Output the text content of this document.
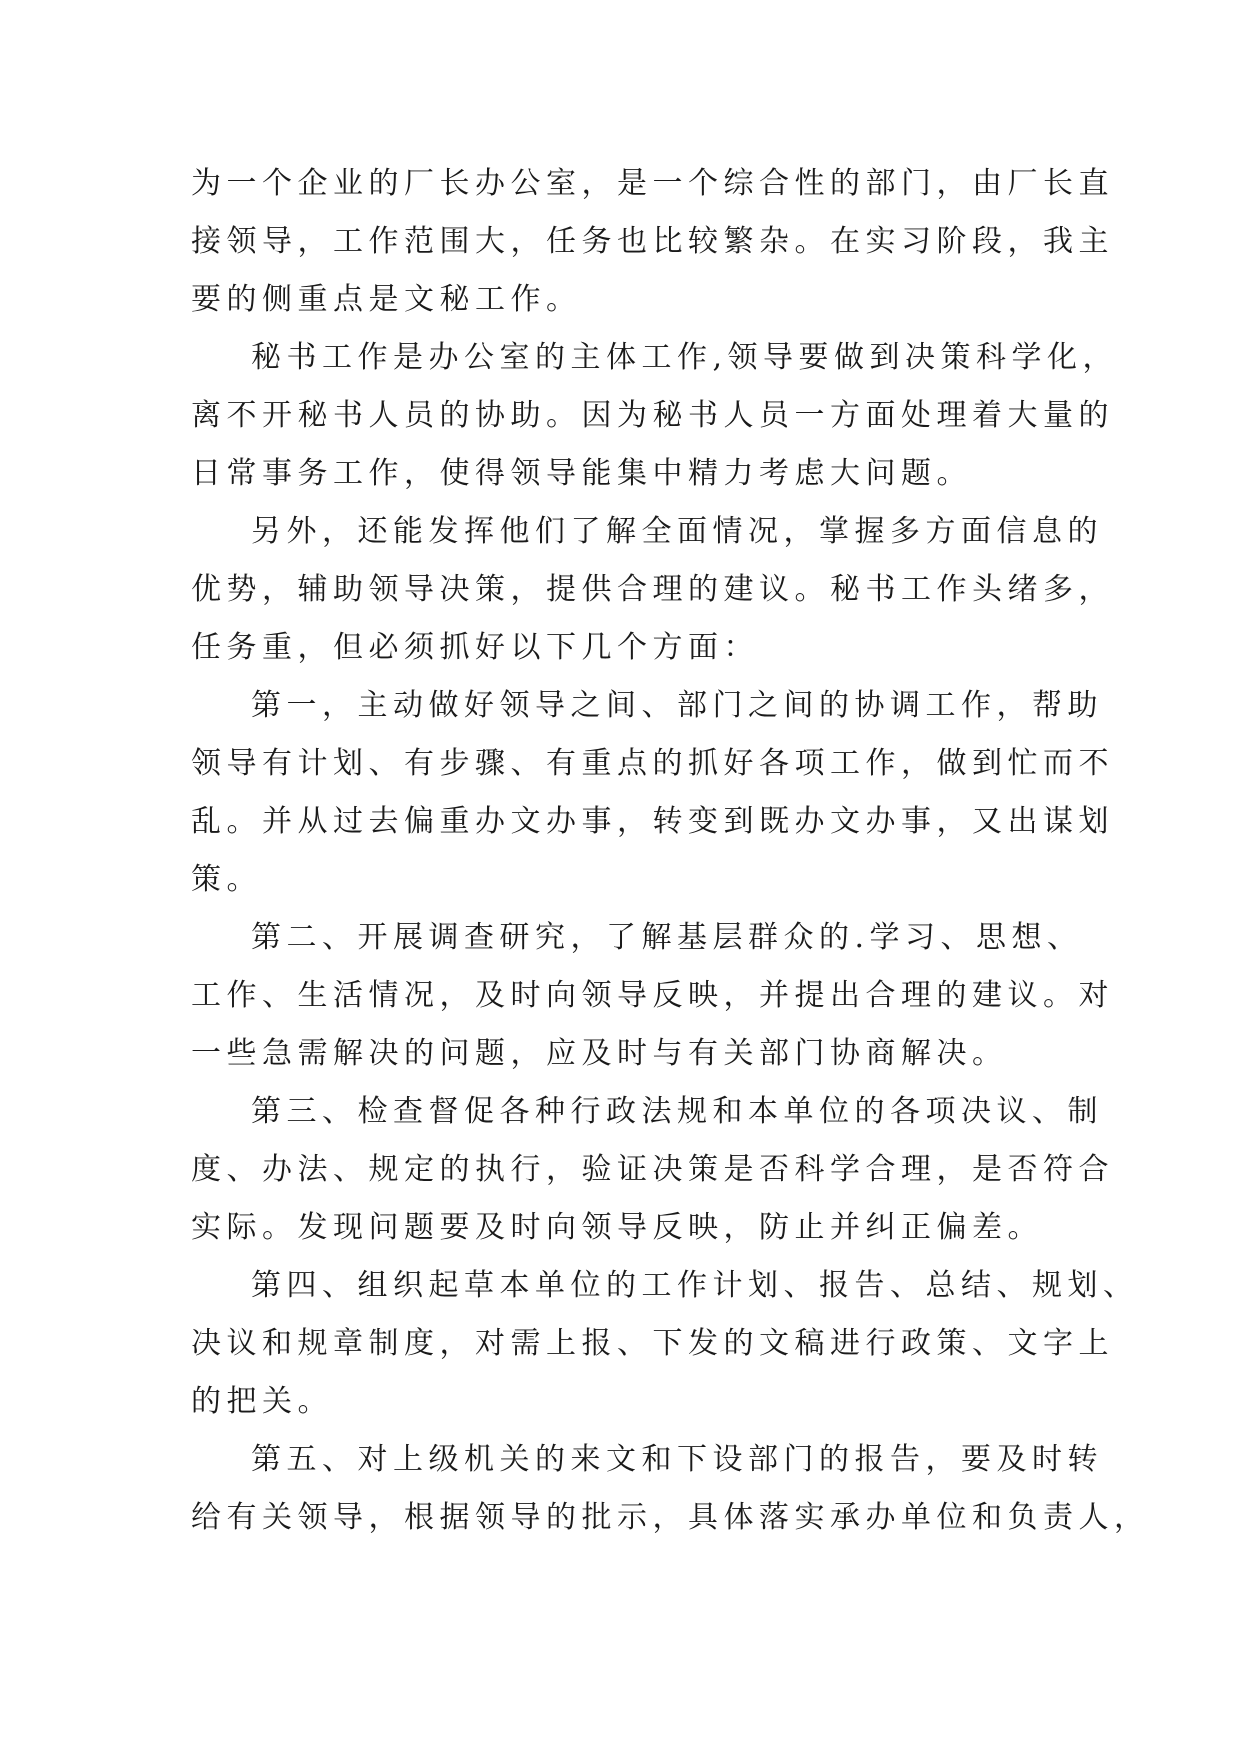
为一个企业的厂长办公室，是一个综合性的部门，由厂长直
接领导，工作范围大，任务也比较繁杂。在实习阶段，我主
要的侧重点是文秘工作。
秘书工作是办公室的主体工作,领导要做到决策科学化，
离不开秘书人员的协助。因为秘书人员一方面处理着大量的
日常事务工作，使得领导能集中精力考虑大问题。
另外，还能发挥他们了解全面情况，掌握多方面信息的
优势，辅助领导决策，提供合理的建议。秘书工作头绪多，
任务重，但必须抓好以下几个方面：
第一，主动做好领导之间、部门之间的协调工作，帮助
领导有计划、有步骤、有重点的抓好各项工作，做到忙而不
乱。并从过去偏重办文办事，转变到既办文办事，又出谋划
策。
第二、开展调查研究，了解基层群众的.学习、思想、
工作、生活情况，及时向领导反映，并提出合理的建议。对
一些急需解决的问题，应及时与有关部门协商解决。
第三、检查督促各种行政法规和本单位的各项决议、制
度、办法、规定的执行，验证决策是否科学合理，是否符合
实际。发现问题要及时向领导反映，防止并纠正偏差。
第四、组织起草本单位的工作计划、报告、总结、规划、
决议和规章制度，对需上报、下发的文稿进行政策、文字上
的把关。
第五、对上级机关的来文和下设部门的报告，要及时转
给有关领导，根据领导的批示，具体落实承办单位和负责人，
